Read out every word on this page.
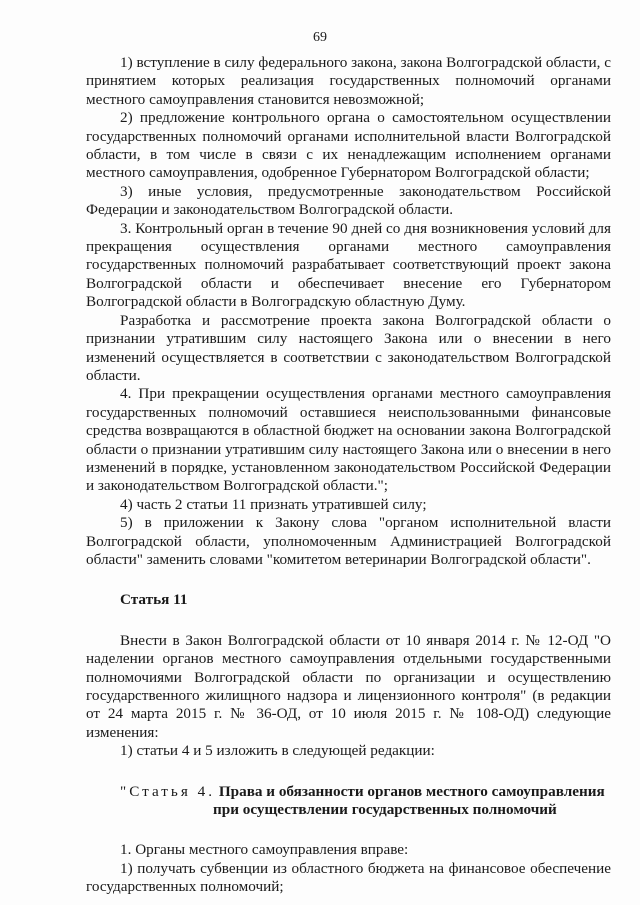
69

1) вступление в силу федерального закона, закона Волгоградской области, с принятием которых реализация государственных полномочий органами местного самоуправления становится невозможной;

2) предложение контрольного органа о самостоятельном осуществлении государственных полномочий органами исполнительной власти Волгоградской области, в том числе в связи с их ненадлежащим исполнением органами местного самоуправления, одобренное Губернатором Волгоградской области;

3) иные условия, предусмотренные законодательством Российской Федерации и законодательством Волгоградской области.

3. Контрольный орган в течение 90 дней со дня возникновения условий для прекращения осуществления органами местного самоуправления государственных полномочий разрабатывает соответствующий проект закона Волгоградской области и обеспечивает внесение его Губернатором Волгоградской области в Волгоградскую областную Думу.

Разработка и рассмотрение проекта закона Волгоградской области о признании утратившим силу настоящего Закона или о внесении в него изменений осуществляется в соответствии с законодательством Волгоградской области.

4. При прекращении осуществления органами местного самоуправления государственных полномочий оставшиеся неиспользованными финансовые средства возвращаются в областной бюджет на основании закона Волгоградской области о признании утратившим силу настоящего Закона или о внесении в него изменений в порядке, установленном законодательством Российской Федерации и законодательством Волгоградской области.";

4) часть 2 статьи 11 признать утратившей силу;

5) в приложении к Закону слова "органом исполнительной власти Волгоградской области, уполномоченным Администрацией Волгоградской области" заменить словами "комитетом ветеринарии Волгоградской области".

Статья 11

Внести в Закон Волгоградской области от 10 января 2014 г. № 12-ОД "О наделении органов местного самоуправления отдельными государственными полномочиями Волгоградской области по организации и осуществлению государственного жилищного надзора и лицензионного контроля" (в редакции от 24 марта 2015 г. № 36-ОД, от 10 июля 2015 г. № 108-ОД) следующие изменения:

1) статьи 4 и 5 изложить в следующей редакции:

"Статья 4. Права и обязанности органов местного самоуправления
при осуществлении государственных полномочий

1. Органы местного самоуправления вправе:

1) получать субвенции из областного бюджета на финансовое обеспечение государственных полномочий;
